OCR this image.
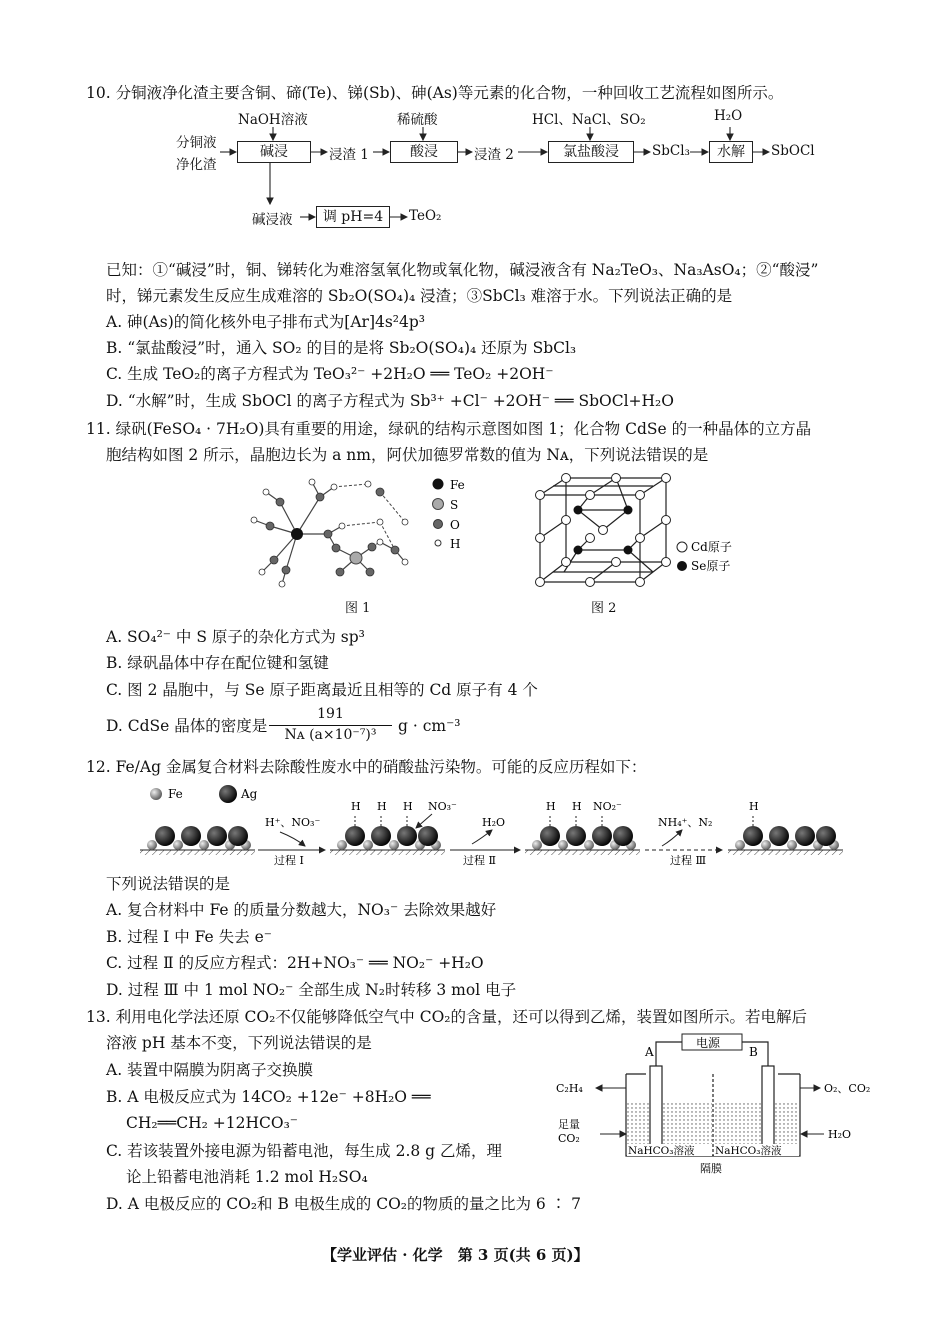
10. 分铜液净化渣主要含铜、碲(Te)、锑(Sb)、砷(As)等元素的化合物，一种回收工艺流程如图所示。
分铜液
净化渣
NaOH溶液	稀硫酸	HCl、NaCl、SO₂	H₂O
碱浸	浸渣 1	酸浸	浸渣 2	氯盐酸浸	SbCl₃	水解	SbOCl
碱浸液	调 pH=4	TeO₂
已知：①“碱浸”时，铜、锑转化为难溶氢氧化物或氧化物，碱浸液含有 Na₂TeO₃、Na₃AsO₄；②“酸浸”
时，锑元素发生反应生成难溶的 Sb₂O(SO₄)₄ 浸渣；③SbCl₃ 难溶于水。下列说法正确的是
A. 砷(As)的简化核外电子排布式为[Ar]4s²4p³
B. “氯盐酸浸”时，通入 SO₂ 的目的是将 Sb₂O(SO₄)₄ 还原为 SbCl₃
C. 生成 TeO₂的离子方程式为 TeO₃²⁻ +2H₂O ══ TeO₂ +2OH⁻
D. “水解”时，生成 SbOCl 的离子方程式为 Sb³⁺ +Cl⁻ +2OH⁻ ══ SbOCl+H₂O
11. 绿矾(FeSO₄ · 7H₂O)具有重要的用途，绿矾的结构示意图如图 1；化合物 CdSe 的一种晶体的立方晶
胞结构如图 2 所示，晶胞边长为 a nm，阿伏加德罗常数的值为 Nᴀ，下列说法错误的是
Fe
S
O
H
图 1
Cd原子
Se原子
图 2
A. SO₄²⁻ 中 S 原子的杂化方式为 sp³
B. 绿矾晶体中存在配位键和氢键
C. 图 2 晶胞中，与 Se 原子距离最近且相等的 Cd 原子有 4 个
D. CdSe 晶体的密度是
191
Nᴀ (a×10⁻⁷)³	g · cm⁻³
12. Fe/Ag 金属复合材料去除酸性废水中的硝酸盐污染物。可能的反应历程如下：
Fe	Ag
H H H NO₃⁻	H H NO₂⁻	H
H⁺、NO₃⁻
过程 Ⅰ
H₂O
过程 Ⅱ
NH₄⁺、N₂
过程 Ⅲ
下列说法错误的是
A. 复合材料中 Fe 的质量分数越大，NO₃⁻ 去除效果越好
B. 过程 Ⅰ 中 Fe 失去 e⁻
C. 过程 Ⅱ 的反应方程式：2H+NO₃⁻ ══ NO₂⁻ +H₂O
D. 过程 Ⅲ 中 1 mol NO₂⁻ 全部生成 N₂时转移 3 mol 电子
13. 利用电化学法还原 CO₂不仅能够降低空气中 CO₂的含量，还可以得到乙烯，装置如图所示。若电解后
溶液 pH 基本不变，下列说法错误的是
A. 装置中隔膜为阴离子交换膜
B. A 电极反应式为 14CO₂ +12e⁻ +8H₂O ══
CH₂══CH₂ +12HCO₃⁻
C. 若该装置外接电源为铅蓄电池，每生成 2.8 g 乙烯，理
论上铅蓄电池消耗 1.2 mol H₂SO₄
D. A 电极反应的 CO₂和 B 电极生成的 CO₂的物质的量之比为 6 ∶ 7
电源
A	B
C₂H₄	O₂、CO₂
足量
CO₂	H₂O
NaHCO₃溶液 NaHCO₃溶液
隔膜
【学业评估 · 化学  第 3 页(共 6 页)】
